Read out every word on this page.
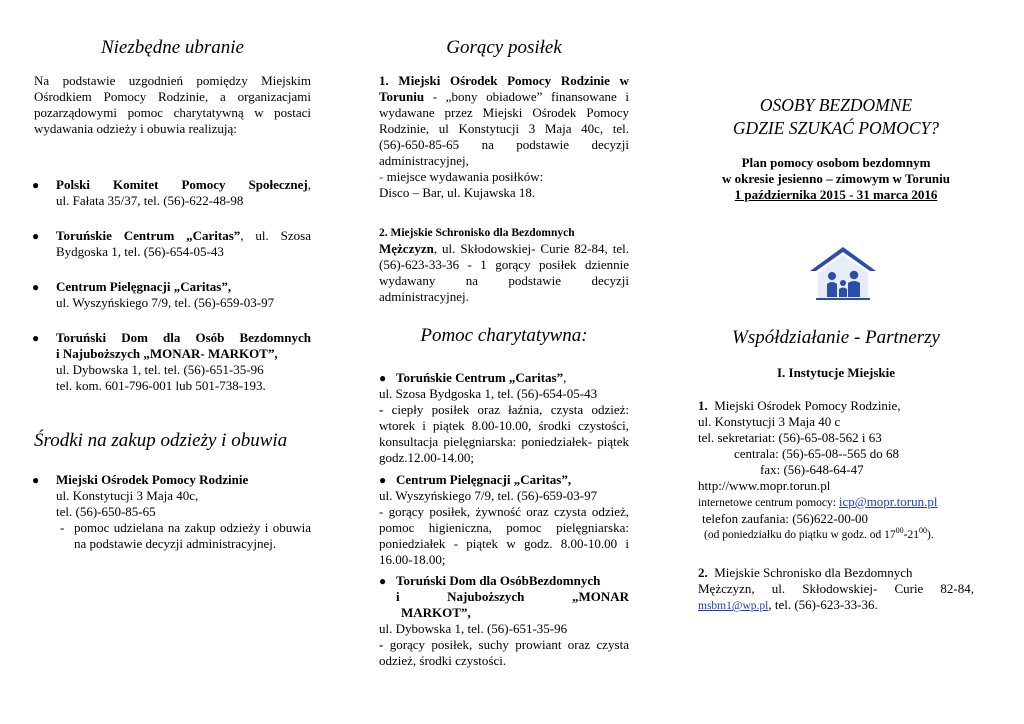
Niezbędne ubranie
Na podstawie uzgodnień pomiędzy Miejskim Ośrodkiem Pomocy Rodzinie, a organizacjami pozarządowymi pomoc charytatywną w postaci wydawania odzieży i obuwia realizują:
●	Polski Komitet Pomocy Społecznej,
ul. Fałata 35/37, tel. (56)-622-48-98
●	Toruńskie Centrum „Caritas”, ul. Szosa
Bydgoska 1, tel. (56)-654-05-43
●	Centrum Pielęgnacji „Caritas”,
ul. Wyszyńskiego 7/9, tel. (56)-659-03-97
●	Toruński Dom dla Osób Bezdomnych
i Najuboższych „MONAR- MARKOT”,
ul. Dybowska 1, tel. tel. (56)-651-35-96
tel. kom. 601-796-001 lub 501-738-193.
Środki na zakup odzieży i obuwia
●	Miejski Ośrodek Pomocy Rodzinie
ul. Konstytucji 3 Maja 40c,
tel. (56)-650-85-65
- pomoc udzielana na zakup odzieży i obuwia na podstawie decyzji administracyjnej.
Gorący posiłek
1. Miejski Ośrodek Pomocy Rodzinie w Toruniu - „bony obiadowe” finansowane i wydawane przez Miejski Ośrodek Pomocy Rodzinie, ul Konstytucji 3 Maja 40c, tel. (56)-650-85-65 na podstawie decyzji administracyjnej,
- miejsce wydawania posiłków:
Disco – Bar, ul. Kujawska 18.
2. Miejskie Schronisko dla Bezdomnych
Mężczyzn, ul. Skłodowskiej- Curie 82-84, tel. (56)-623-33-36 - 1 gorący posiłek dziennie wydawany na podstawie decyzji administracyjnej.
Pomoc charytatywna:
● Toruńskie Centrum „Caritas”,
ul. Szosa Bydgoska 1, tel. (56)-654-05-43
- ciepły posiłek oraz łaźnia, czysta odzież: wtorek i piątek 8.00-10.00, środki czystości, konsultacja pielęgniarska: poniedziałek- piątek godz.12.00-14.00;
● Centrum Pielęgnacji „Caritas”,
ul. Wyszyńskiego 7/9, tel. (56)-659-03-97
- gorący posiłek, żywność oraz czysta odzież, pomoc higieniczna, pomoc pielęgniarska: poniedziałek - piątek w godz. 8.00-10.00 i 16.00-18.00;
● Toruński Dom dla OsóbBezdomnych
i	Najuboższych	„MONAR
MARKOT”,
ul. Dybowska 1, tel. (56)-651-35-96
- gorący posiłek, suchy prowiant oraz czysta odzież, środki czystości.
OSOBY BEZDOMNE
GDZIE SZUKAĆ POMOCY?
Plan pomocy osobom bezdomnym
w okresie jesienno – zimowym w Toruniu
1 października 2015 - 31 marca 2016
Współdziałanie - Partnerzy
I. Instytucje Miejskie
1. Miejski Ośrodek Pomocy Rodzinie,
ul. Konstytucji 3 Maja 40 c
tel. sekretariat: (56)-65-08-562 i 63
centrala: (56)-65-08--565 do 68
fax: (56)-648-64-47
http://www.mopr.torun.pl
internetowe centrum pomocy: icp@mopr.torun.pl
telefon zaufania: (56)622-00-00
(od poniedziałku do piątku w godz. od $17^{00}-21^{00}$).
2. Miejskie Schronisko dla Bezdomnych
Mężczyzn, ul. Skłodowskiej- Curie 82-84,
msbm1@wp.pl, tel. (56)-623-33-36.
